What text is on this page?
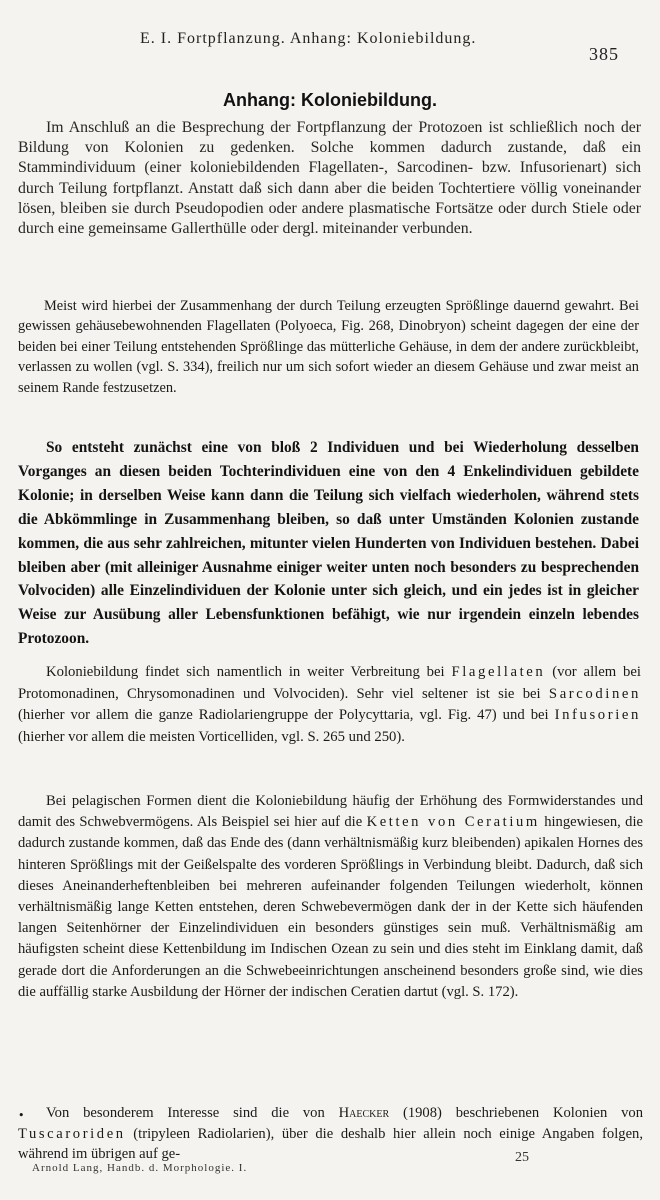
E. I. Fortpflanzung. Anhang: Koloniebildung.
385
Anhang: Koloniebildung.

Im Anschluß an die Besprechung der Fortpflanzung der Protozoen ist schließlich noch der Bildung von Kolonien zu gedenken. Solche kommen dadurch zustande, daß ein Stammindividuum (einer koloniebildenden Flagellaten-, Sarcodinen- bzw. Infusorienart) sich durch Teilung fortpflanzt. Anstatt daß sich dann aber die beiden Tochtertiere völlig voneinander lösen, bleiben sie durch Pseudopodien oder andere plasmatische Fortsätze oder durch Stiele oder durch eine gemeinsame Gallerthülle oder dergl. miteinander verbunden.

Meist wird hierbei der Zusammenhang der durch Teilung erzeugten Sprößlinge dauernd gewahrt. Bei gewissen gehäusebewohnenden Flagellaten (Polyoeca, Fig. 268, Dinobryon) scheint dagegen der eine der beiden bei einer Teilung entstehenden Sprößlinge das mütterliche Gehäuse, in dem der andere zurückbleibt, verlassen zu wollen (vgl. S. 334), freilich nur um sich sofort wieder an diesem Gehäuse und zwar meist an seinem Rande festzusetzen.

So entsteht zunächst eine von bloß 2 Individuen und bei Wiederholung desselben Vorganges an diesen beiden Tochterindividuen eine von den 4 Enkelindividuen gebildete Kolonie; in derselben Weise kann dann die Teilung sich vielfach wiederholen, während stets die Abkömmlinge in Zusammenhang bleiben, so daß unter Umständen Kolonien zustande kommen, die aus sehr zahlreichen, mitunter vielen Hunderten von Individuen bestehen. Dabei bleiben aber (mit alleiniger Ausnahme einiger weiter unten noch besonders zu besprechenden Volvociden) alle Einzelindividuen der Kolonie unter sich gleich, und ein jedes ist in gleicher Weise zur Ausübung aller Lebensfunktionen befähigt, wie nur irgendein einzeln lebendes Protozoon.

Koloniebildung findet sich namentlich in weiter Verbreitung bei Flagellaten (vor allem bei Protomonadinen, Chrysomonadinen und Volvociden). Sehr viel seltener ist sie bei Sarcodinen (hierher vor allem die ganze Radiolariengruppe der Polycyttaria, vgl. Fig. 47) und bei Infusorien (hierher vor allem die meisten Vorticelliden, vgl. S. 265 und 250).

Bei pelagischen Formen dient die Koloniebildung häufig der Erhöhung des Formwiderstandes und damit des Schwebvermögens. Als Beispiel sei hier auf die Ketten von Ceratium hingewiesen, die dadurch zustande kommen, daß das Ende des (dann verhältnismäßig kurz bleibenden) apikalen Hornes des hinteren Sprößlings mit der Geißelspalte des vorderen Sprößlings in Verbindung bleibt. Dadurch, daß sich dieses Aneinanderheftenbleiben bei mehreren aufeinander folgenden Teilungen wiederholt, können verhältnismäßig lange Ketten entstehen, deren Schwebevermögen dank der in der Kette sich häufenden langen Seitenhörner der Einzelindividuen ein besonders günstiges sein muß. Verhältnismäßig am häufigsten scheint diese Kettenbildung im Indischen Ozean zu sein und dies steht im Einklang damit, daß gerade dort die Anforderungen an die Schwebeeinrichtungen anscheinend besonders große sind, wie dies die auffällig starke Ausbildung der Hörner der indischen Ceratien dartut (vgl. S. 172).

•	Von besonderem Interesse sind die von Haecker (1908) beschriebenen Kolonien von Tuscaroriden (tripyleen Radiolarien), über die deshalb hier allein noch einige Angaben folgen, während im übrigen auf ge-

Arnold Lang, Handb. d. Morphologie. I.
25
